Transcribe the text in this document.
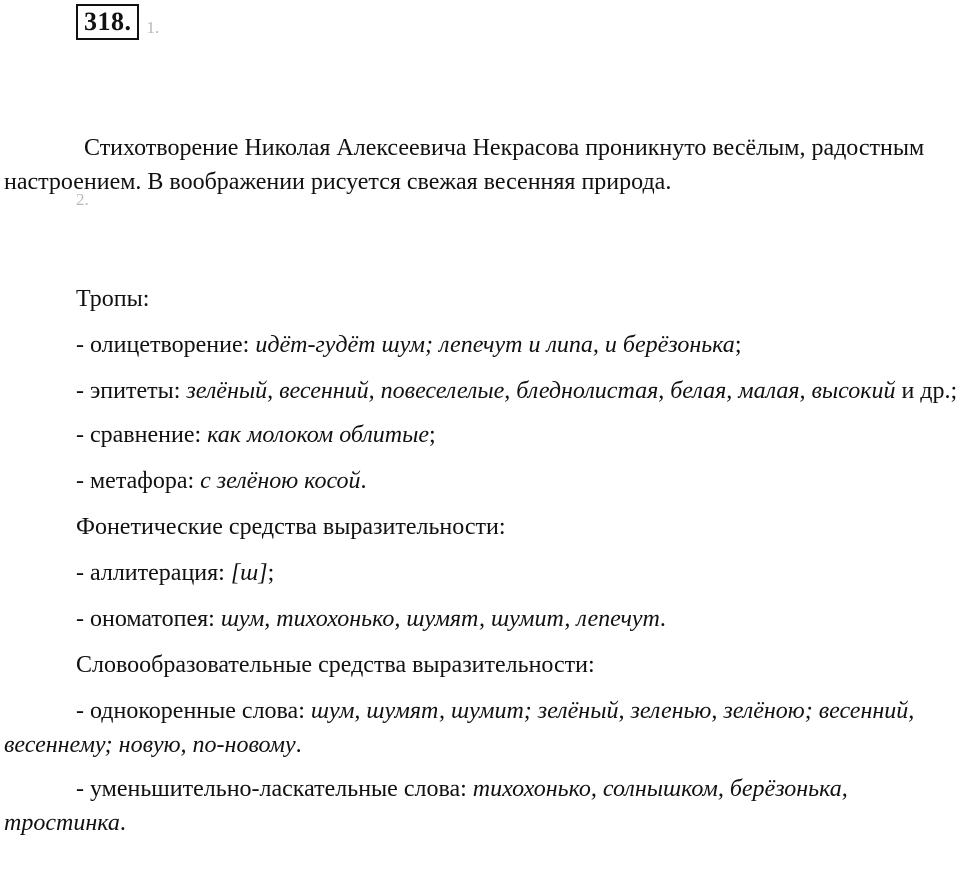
318. 1.

Стихотворение Николая Алексеевича Некрасова проникнуто весёлым, радостным настроением. В воображении рисуется свежая весенняя природа.

2.

Тропы:

- олицетворение: идёт-гудёт шум; лепечут и липа, и берёзонька;

- эпитеты: зелёный, весенний, повеселелые, бледнолистая, белая, малая, высокий и др.;

- сравнение: как молоком облитые;

- метафора: с зелёною косой.

Фонетические средства выразительности:

- аллитерация: [ш];

- ономатопея: шум, тихохонько, шумят, шумит, лепечут.

Словообразовательные средства выразительности:

- однокоренные слова: шум, шумят, шумит; зелёный, зеленью, зелёною; весенний, весеннему; новую, по-новому.

- уменьшительно-ласкательные слова: тихохонько, солнышком, берёзонька, тростинка.
